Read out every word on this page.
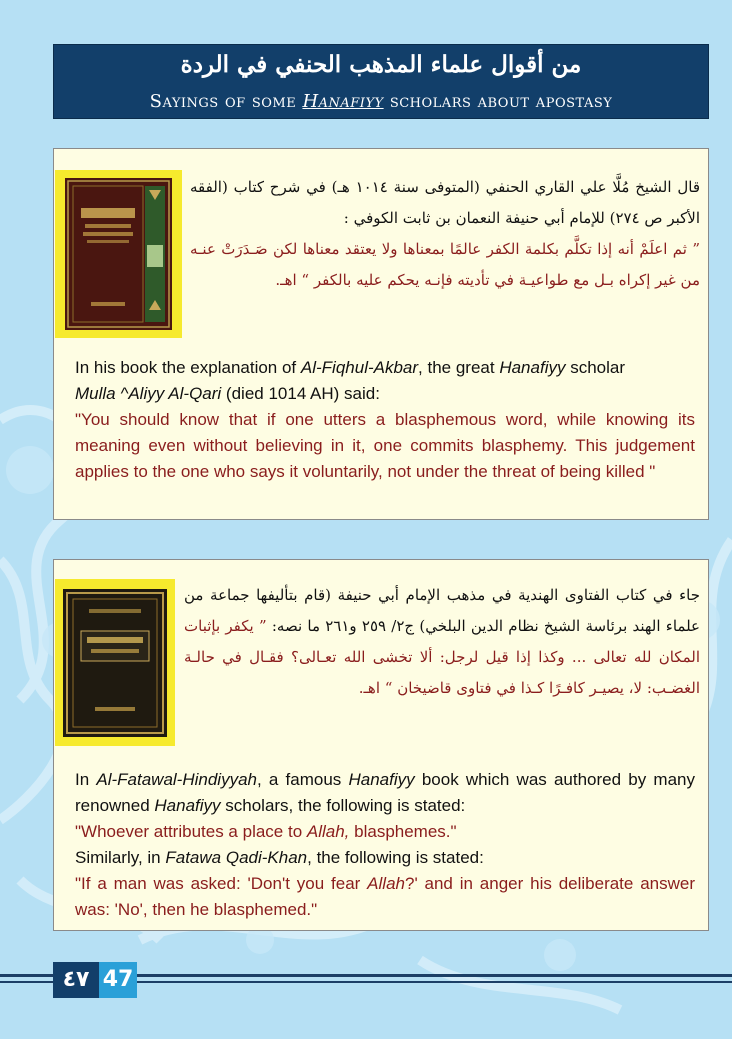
من أقوال علماء المذهب الحنفي في الردة
Sayings of some Hanafiyy scholars about apostasy
قال الشيخ مُلَّا علي القاري الحنفي (المتوفى سنة ١٠١٤ هـ) في شرح كتاب (الفقه الأكبر ص ٢٧٤) للإمام أبي حنيفة النعمان بن ثابت الكوفي :
” ثم اعلَمْ أنه إذا تكلَّم بكلمة الكفر عالمًا بمعناها ولا يعتقد معناها لكن صَـدَرَتْ عنـه من غير إكراه بـل مع طواعيـة في تأديته فإنـه يحكم عليه بالكفر “ اهـ.

In his book the explanation of Al-Fiqhul-Akbar, the great Hanafiyy scholar
Mulla ^Aliyy Al-Qari (died 1014 AH) said:

"You should know that if one utters a blasphemous word, while knowing its meaning even without believing in it, one commits blasphemy. This judgement applies to the one who says it voluntarily, not under the threat of being killed "

جاء في كتاب الفتاوى الهندية في مذهب الإمام أبي حنيفة (قام بتأليفها جماعة من علماء الهند برئاسة الشيخ نظام الدين البلخي) ج٢/ ٢٥٩ و٢٦١ ما نصه: ” يكفر بإثبات المكان لله تعالى ... وكذا إذا قيل لرجل: ألا تخشى الله تعـالى؟ فقـال في حالـة الغضـب: لا، يصيـر كافـرًا كـذا في فتاوى قاضيخان “ اهـ.

In Al-Fatawal-Hindiyyah, a famous Hanafiyy book which was authored by many renowned Hanafiyy scholars, the following is stated:

"Whoever attributes a place to Allah, blasphemes."

Similarly, in Fatawa Qadi-Khan, the following is stated:

"If a man was asked: 'Don't you fear Allah?' and in anger his deliberate answer was: 'No', then he blasphemed."

٤٧ 47
